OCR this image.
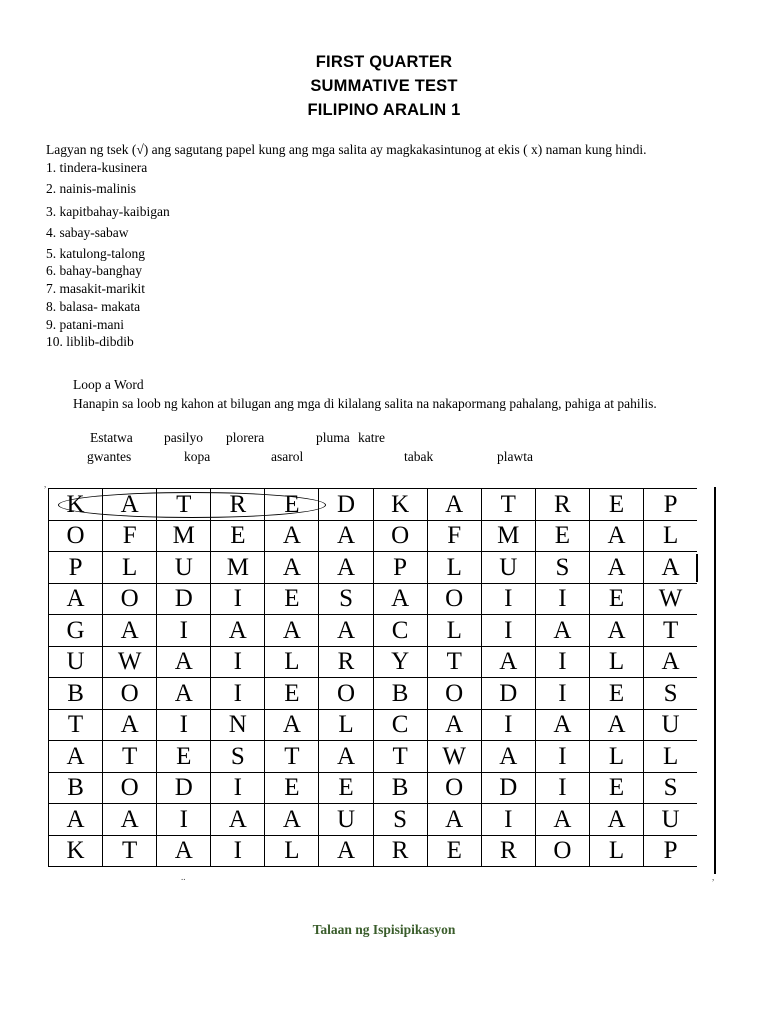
FIRST QUARTER
SUMMATIVE TEST
FILIPINO ARALIN 1
Lagyan ng tsek (√) ang sagutang papel kung ang mga salita ay magkakasintunog at ekis ( x) naman kung hindi.
1. tindera-kusinera
2. nainis-malinis
3. kapitbahay-kaibigan
4. sabay-sabaw
5. katulong-talong
6. bahay-banghay
7. masakit-marikit
8. balasa- makata
9. patani-mani
10. liblib-dibdib
Loop a Word
Hanapin sa loob ng kahon at bilugan ang mga di kilalang salita na nakapormang pahalang, pahiga at pahilis.
Estatwa pasilyo plorera	pluma katre
gwantes	kopa	asarol	tabak	plawta
,
K	A	T	R	E	D	K	A	T	R	E	P
O	F	M	E	A	A	O	F	M	E	A	L
P	L	U	M	A	A	P	L	U	S	A	A
A	O	D	I	E	S	A	O	I	I	E	W
G	A	I	A	A	A	C	L	I	A	A	T
U	W	A	I	L	R	Y	T	A	I	L	A
B	O	A	I	E	O	B	O	D	I	E	S
T	A	I	N	A	L	C	A	I	A	A	U
A	T	E	S	T	A	T	W	A	I	L	L
B	O	D	I	E	E	B	O	D	I	E	S
A	A	I	A	A	U	S	A	I	A	A	U
K	T	A	I	L	A	R	E	R	O	L	P
..	,
Talaan ng Ispisipikasyon
